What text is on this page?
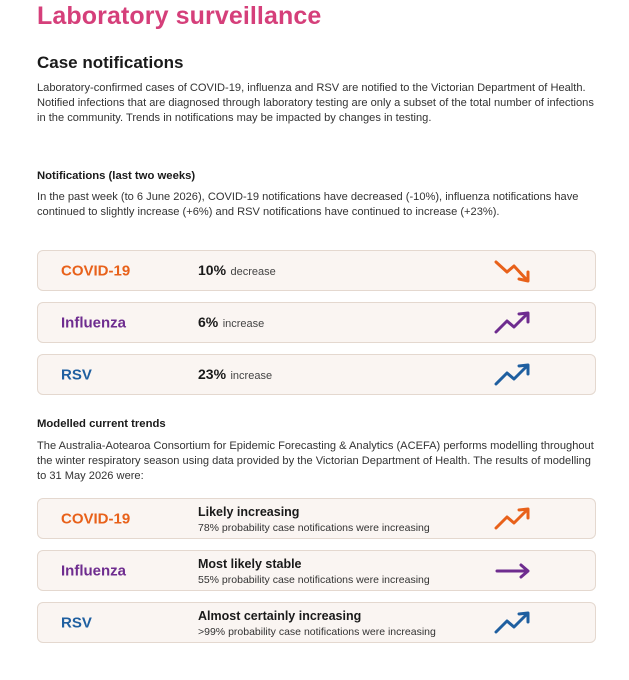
Laboratory surveillance
Case notifications

Laboratory-confirmed cases of COVID-19, influenza and RSV are notified to the Victorian Department of Health. Notified infections that are diagnosed through laboratory testing are only a subset of the total number of infections in the community. Trends in notifications may be impacted by changes in testing.

Notifications (last two weeks)

In the past week (to 6 June 2026), COVID-19 notifications have decreased (-10%), influenza notifications have continued to slightly increase (+6%) and RSV notifications have continued to increase (+23%).

COVID-19	10% decrease
Influenza	6% increase
RSV	23% increase
Modelled current trends

The Australia-Aotearoa Consortium for Epidemic Forecasting & Analytics (ACEFA) performs modelling throughout the winter respiratory season using data provided by the Victorian Department of Health. The results of modelling to 31 May 2026 were:

COVID-19	Likely increasing
78% probability case notifications were increasing
Influenza	Most likely stable
55% probability case notifications were increasing
RSV	Almost certainly increasing
>99% probability case notifications were increasing
